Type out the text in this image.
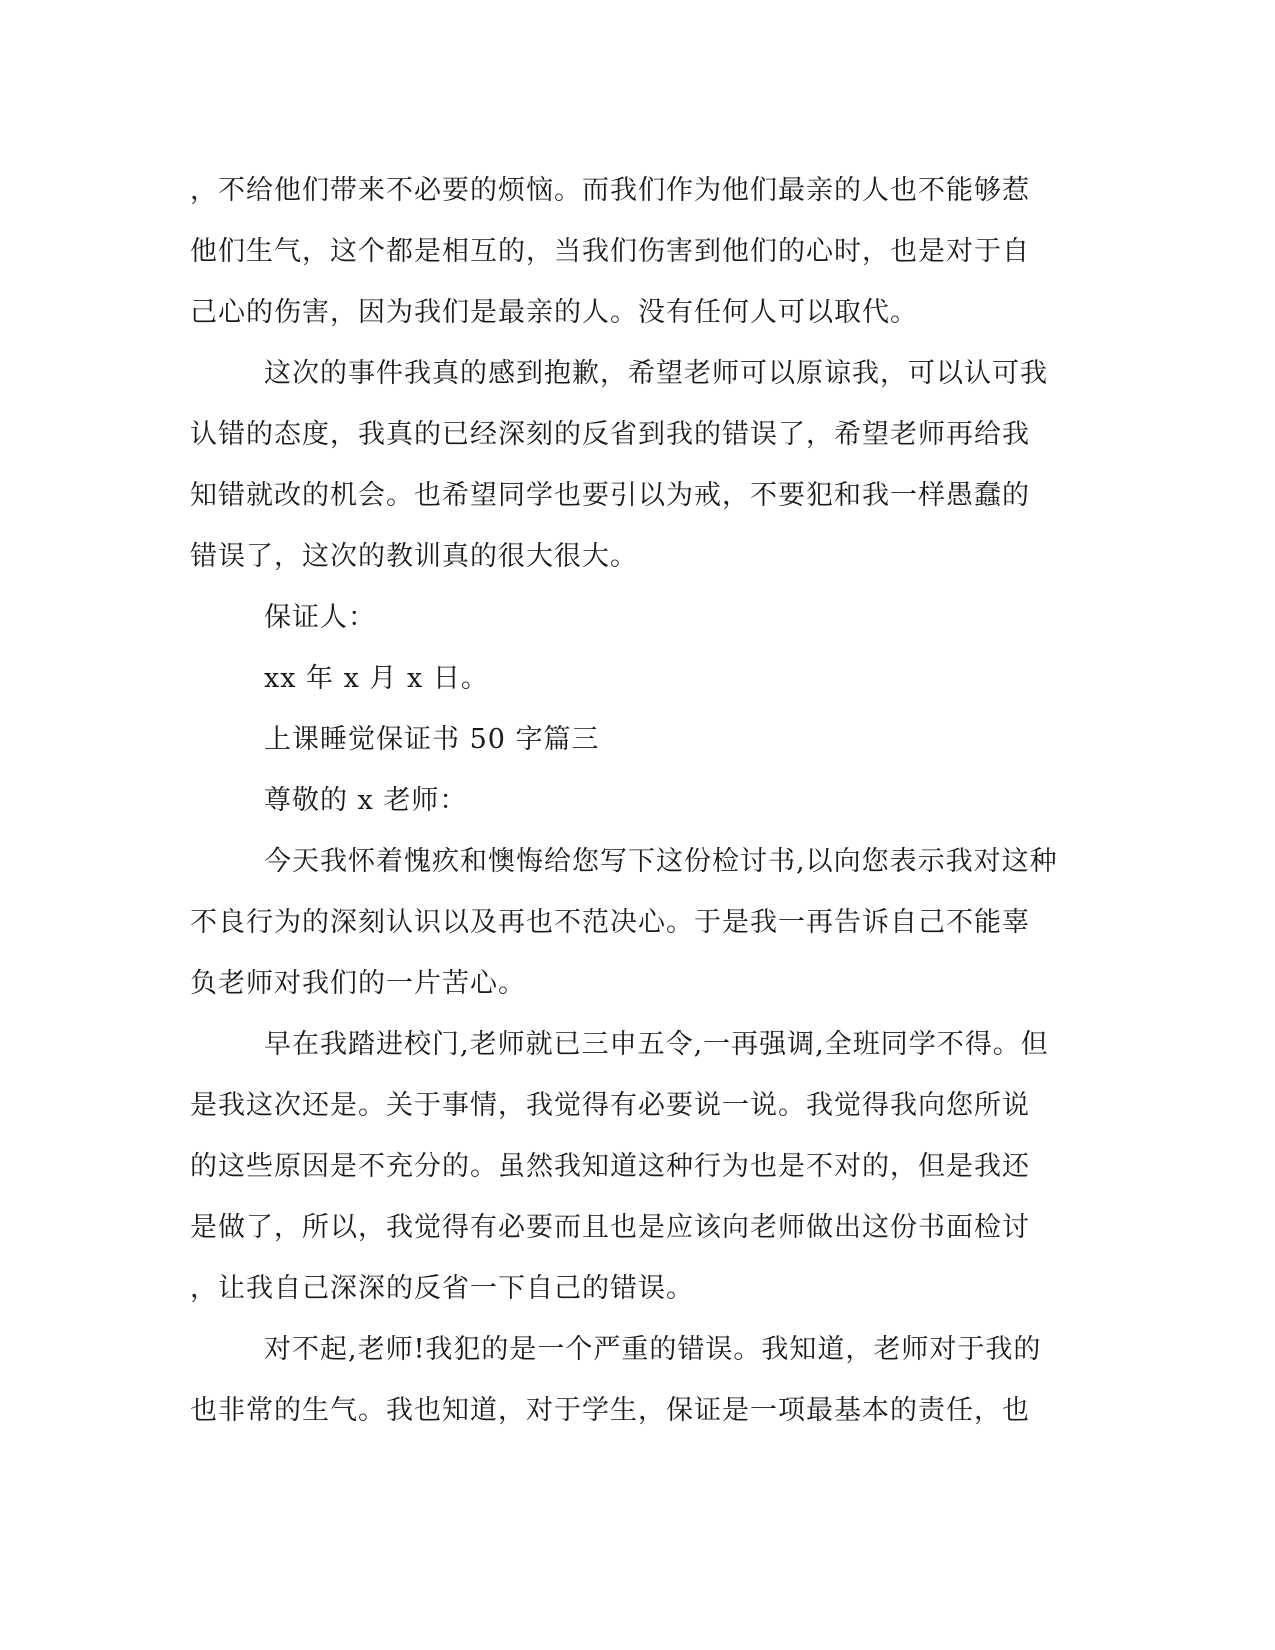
，不给他们带来不必要的烦恼。而我们作为他们最亲的人也不能够惹
他们生气，这个都是相互的，当我们伤害到他们的心时，也是对于自
己心的伤害，因为我们是最亲的人。没有任何人可以取代。
这次的事件我真的感到抱歉，希望老师可以原谅我，可以认可我
认错的态度，我真的已经深刻的反省到我的错误了，希望老师再给我
知错就改的机会。也希望同学也要引以为戒，不要犯和我一样愚蠢的
错误了，这次的教训真的很大很大。
保证人：
xx 年 x 月 x 日。
上课睡觉保证书 50 字篇三
尊敬的 x 老师：
今天我怀着愧疚和懊悔给您写下这份检讨书,以向您表示我对这种
不良行为的深刻认识以及再也不范决心。于是我一再告诉自己不能辜
负老师对我们的一片苦心。
早在我踏进校门,老师就已三申五令,一再强调,全班同学不得。但
是我这次还是。关于事情，我觉得有必要说一说。我觉得我向您所说
的这些原因是不充分的。虽然我知道这种行为也是不对的，但是我还
是做了，所以，我觉得有必要而且也是应该向老师做出这份书面检讨
，让我自己深深的反省一下自己的错误。
对不起,老师!我犯的是一个严重的错误。我知道，老师对于我的
也非常的生气。我也知道，对于学生，保证是一项最基本的责任，也
